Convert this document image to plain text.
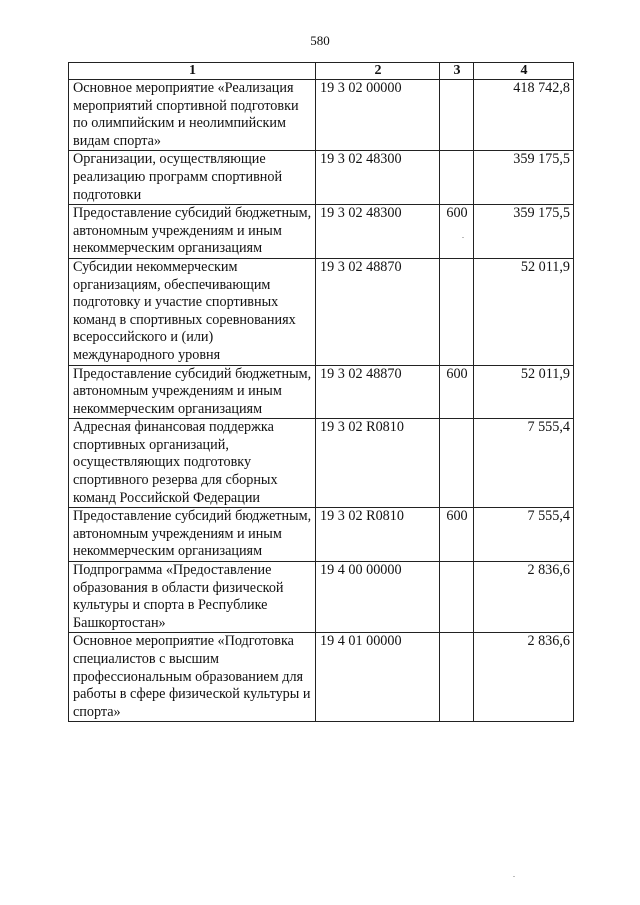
580
1	2	3	4
Основное мероприятие «Реализация мероприятий спортивной подготовки по олимпийским и неолимпийским видам спорта»	19 3 02 00000		418 742,8
Организации, осуществляющие реализацию программ спортивной подготовки	19 3 02 48300		359 175,5
Предоставление субсидий бюджетным, автономным учреждениям и иным некоммерческим организациям	19 3 02 48300	600	359 175,5
Субсидии некоммерческим организациям, обеспечивающим подготовку и участие спортивных команд в спортивных соревнованиях всероссийского и (или) международного уровня	19 3 02 48870		52 011,9
Предоставление субсидий бюджетным, автономным учреждениям и иным некоммерческим организациям	19 3 02 48870	600	52 011,9
Адресная финансовая поддержка спортивных организаций, осуществляющих подготовку спортивного резерва для сборных команд Российской Федерации	19 3 02 R0810		7 555,4
Предоставление субсидий бюджетным, автономным учреждениям и иным некоммерческим организациям	19 3 02 R0810	600	7 555,4
Подпрограмма «Предоставление образования в области физической культуры и спорта в Республике Башкортостан»	19 4 00 00000		2 836,6
Основное мероприятие «Подготовка специалистов с высшим профессиональным образованием для работы в сфере физической культуры и спорта»	19 4 01 00000		2 836,6
